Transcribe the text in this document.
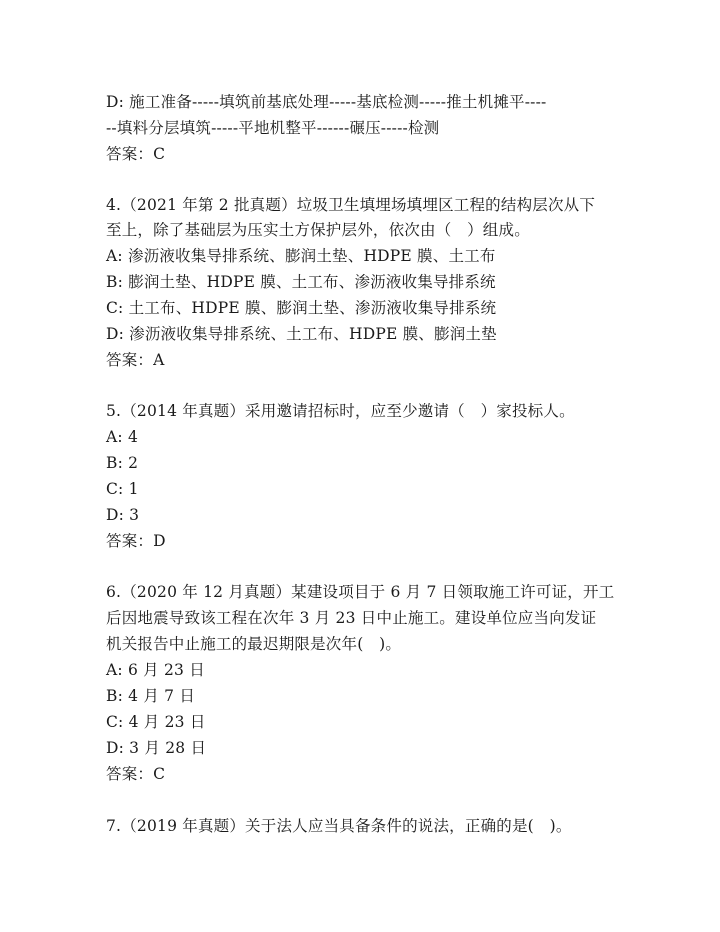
D: 施工准备-----填筑前基底处理-----基底检测-----推土机摊平----
--填料分层填筑-----平地机整平------碾压-----检测
答案：C
4.（2021 年第 2 批真题）垃圾卫生填埋场填埋区工程的结构层次从下
至上，除了基础层为压实土方保护层外，依次由（　）组成。
A: 渗沥液收集导排系统、膨润土垫、HDPE 膜、土工布
B: 膨润土垫、HDPE 膜、土工布、渗沥液收集导排系统
C: 土工布、HDPE 膜、膨润土垫、渗沥液收集导排系统
D: 渗沥液收集导排系统、土工布、HDPE 膜、膨润土垫
答案：A
5.（2014 年真题）采用邀请招标时，应至少邀请（　）家投标人。
A: 4
B: 2
C: 1
D: 3
答案：D
6.（2020 年 12 月真题）某建设项目于 6 月 7 日领取施工许可证，开工
后因地震导致该工程在次年 3 月 23 日中止施工。建设单位应当向发证
机关报告中止施工的最迟期限是次年(　)。
A: 6 月 23 日
B: 4 月 7 日
C: 4 月 23 日
D: 3 月 28 日
答案：C
7.（2019 年真题）关于法人应当具备条件的说法，正确的是(　)。
